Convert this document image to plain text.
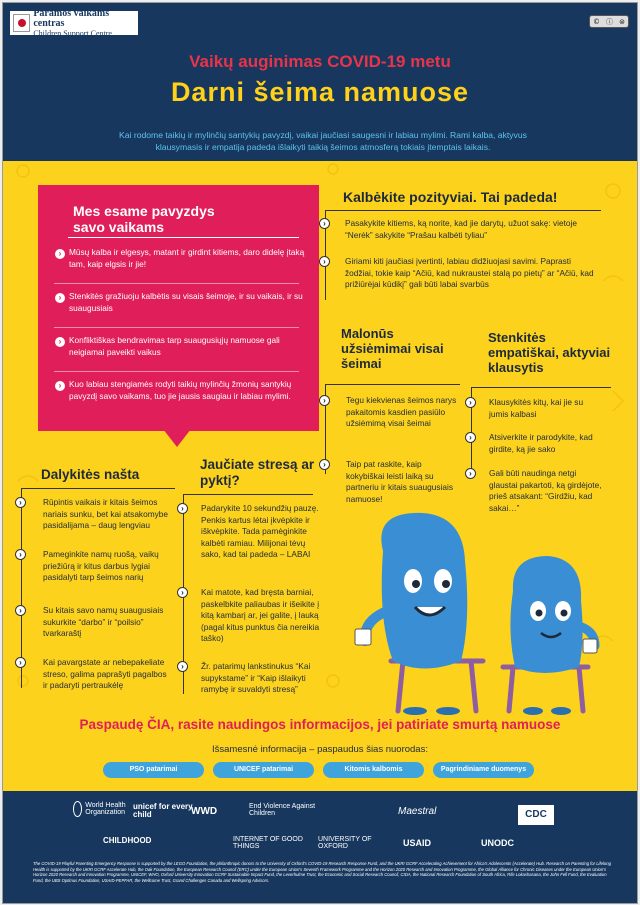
Paramos vaikams centras
Children Support Centre
© ⓘ ⊜
Vaikų auginimas COVID-19 metu
Darni šeima namuose
Kai rodome taikių ir mylinčių santykių pavyzdį, vaikai jaučiasi saugesni ir labiau mylimi. Rami kalba, aktyvus klausymasis ir empatija padeda išlaikyti taikią šeimos atmosferą tokiais įtemptais laikais.
Mes esame pavyzdys savo vaikams
› Mūsų kalba ir elgesys, matant ir girdint kitiems, daro didelę įtaką tam, kaip elgsis ir jie!
› Stenkitės gražiuoju kalbėtis su visais šeimoje, ir su vaikais, ir su suaugusiais
› Konfliktiškas bendravimas tarp suaugusiųjų namuose gali neigiamai paveikti vaikus
› Kuo labiau stengiamės rodyti taikių mylinčių žmonių santykių pavyzdį savo vaikams, tuo jie jausis saugiau ir labiau mylimi.
Kalbėkite pozityviai. Tai padeda!
›	Pasakykite kitiems, ką norite, kad jie darytų, užuot sakę: vietoje “Nerėk” sakykite “Prašau kalbėti tyliau”
›	Giriami kiti jaučiasi įvertinti, labiau didžiuojasi savimi. Paprasti žodžiai, tokie kaip “Ačiū, kad nukraustei stalą po pietų” ar “Ačiū, kad prižiūrėjai kūdikį” gali būti labai svarbūs
Malonūs užsiėmimai visai šeimai
›	Tegu kiekvienas šeimos narys pakaitomis kasdien pasiūlo užsiėmimą visai šeimai
›	Taip pat raskite, kaip kokybiškai leisti laiką su partneriu ir kitais suaugusiais namuose!
Stenkitės empatiškai, aktyviai klausytis
›	Klausykitės kitų, kai jie su jumis kalbasi
›	Atsiverkite ir parodykite, kad girdite, ką jie sako
›	Gali būti naudinga netgi glaustai pakartoti, ką girdėjote, prieš atsakant: “Girdžiu, kad sakai…”
Dalykitės našta
›	Rūpintis vaikais ir kitais šeimos nariais sunku, bet kai atsakomybe pasidalijama – daug lengviau
›	Pameginkite namų ruošą, vaikų priežiūrą ir kitus darbus lygiai pasidalyti tarp šeimos narių
›	Su kitais savo namų suaugusiais sukurkite “darbo” ir “poilsio” tvarkaraštį
›	Kai pavargstate ar nebepakeliate streso, galima paprašyti pagalbos ir padaryti pertraukėlę
Jaučiate stresą ar pyktį?
›	Padarykite 10 sekundžių pauzę. Penkis kartus lėtai įkvėpkite ir iškvėpkite. Tada pamėginkite kalbėti ramiau. Milijonai tėvų sako, kad tai padeda – LABAI
›	Kai matote, kad bręsta barniai, paskelbkite paliaubas ir išeikite į kitą kambarį ar, jei galite, į lauką (pagal kitus punktus čia nereikia taško)
›	Žr. patarimų lankstinukus “Kai supykstame” ir “Kaip išlaikyti ramybę ir suvaldyti stresą”
Paspaudę ČIA, rasite naudingos informacijos, jei patiriate smurtą namuose
Išsamesnė informacija – paspaudus šias nuorodas:
PSO patarimai	UNICEF patarimai	Kitomis kalbomis	Pagrindiniame duomenys
World Health Organization
unicef for every child	WWD	End Violence Against Children	Maestral	CDC
CHILDHOOD	INTERNET OF GOOD THINGS
UNIVERSITY OF OXFORD	USAID	UNODC
The COVID-19 Playful Parenting Emergency Response is supported by the LEGO Foundation, the philanthropic donors to the University of Oxford's COVID-19 Research Response Fund, and the UKRI GCRF Accelerating Achievement for Africa's Adolescents (Accelerate) Hub. Research on Parenting for Lifelong Health is supported by the UKRI GCRF Accelerate Hub, the Oak Foundation, the European Research Council (ERC) under the European Union's Seventh Framework Programme and the Horizon 2020 Research and Innovation Programme, the Global Alliance for Chronic Diseases under the European Union's Horizon 2020 Research and Innovation Programme, UNICEF, WHO, Oxford University Innovation GCRF Sustainable Impact Fund, the Leverhulme Trust, the Economic and Social Research Council, CIDA, the National Research Foundation of South Africa, Rife Lokashasana, the John Fell Fund, the Evaluation Fund, the UBS Optimus Foundation, USAID-PEPFAR, the Wellcome Trust, Grand Challenges Canada and Wellspring Advisors.
